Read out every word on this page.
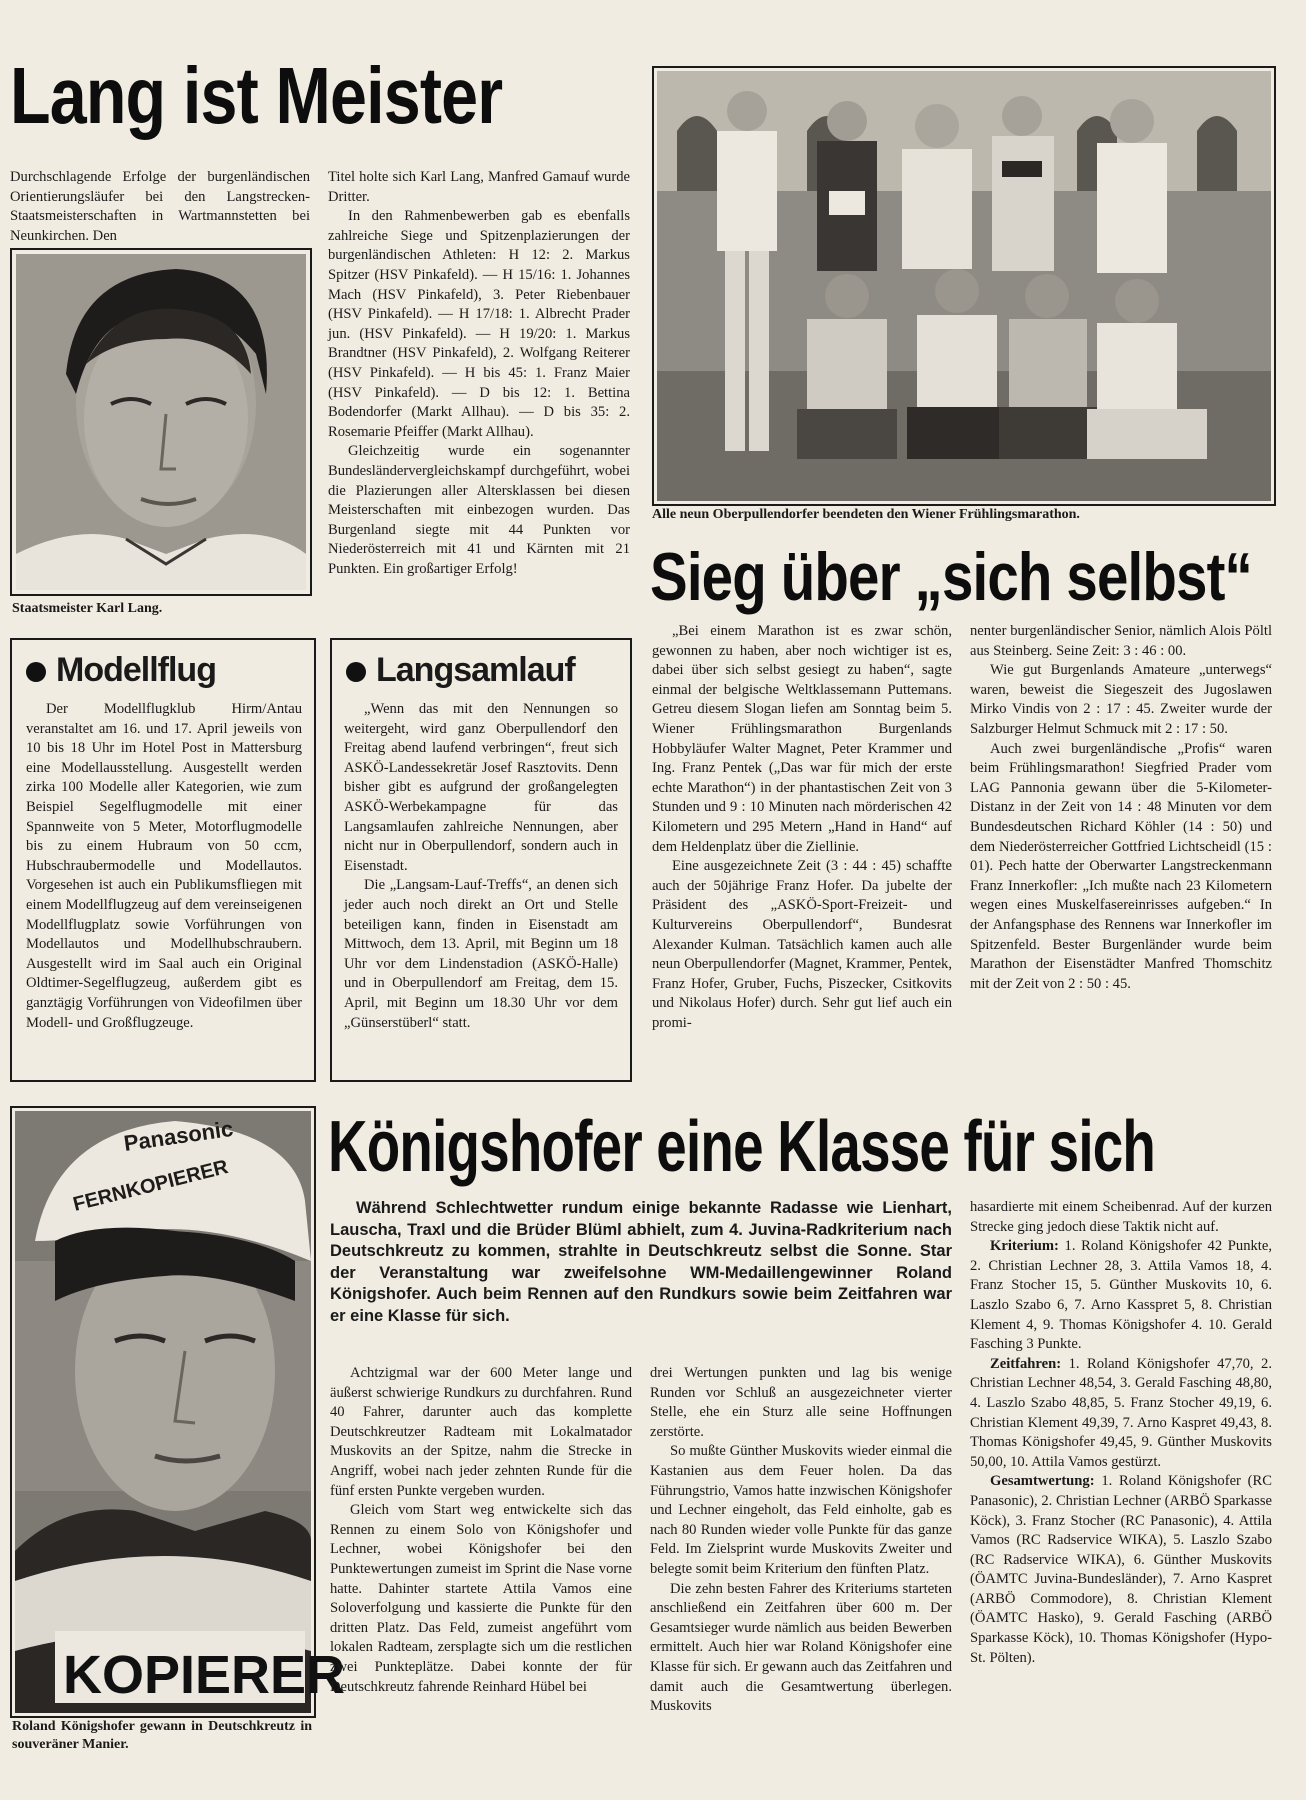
Lang ist Meister

Durchschlagende Erfolge der burgenländischen Orientierungsläufer bei den Langstrecken-Staatsmeisterschaften in Wartmannstetten bei Neunkirchen. Den

Staatsmeister Karl Lang.

Titel holte sich Karl Lang, Manfred Gamauf wurde Dritter.

In den Rahmenbewerben gab es ebenfalls zahlreiche Siege und Spitzenplazierungen der burgenländischen Athleten: H 12: 2. Markus Spitzer (HSV Pinkafeld). — H 15/16: 1. Johannes Mach (HSV Pinkafeld), 3. Peter Riebenbauer (HSV Pinkafeld). — H 17/18: 1. Albrecht Prader jun. (HSV Pinkafeld). — H 19/20: 1. Markus Brandtner (HSV Pinkafeld), 2. Wolfgang Reiterer (HSV Pinkafeld). — H bis 45: 1. Franz Maier (HSV Pinkafeld). — D bis 12: 1. Bettina Bodendorfer (Markt Allhau). — D bis 35: 2. Rosemarie Pfeiffer (Markt Allhau).

Gleichzeitig wurde ein sogenannter Bundesländervergleichskampf durchgeführt, wobei die Plazierungen aller Altersklassen bei diesen Meisterschaften mit einbezogen wurden. Das Burgenland siegte mit 44 Punkten vor Niederösterreich mit 41 und Kärnten mit 21 Punkten. Ein großartiger Erfolg!

Modellflug

Der Modellflugklub Hirm/Antau veranstaltet am 16. und 17. April jeweils von 10 bis 18 Uhr im Hotel Post in Mattersburg eine Modellausstellung. Ausgestellt werden zirka 100 Modelle aller Kategorien, wie zum Beispiel Segelflugmodelle mit einer Spannweite von 5 Meter, Motorflugmodelle bis zu einem Hubraum von 50 ccm, Hubschraubermodelle und Modellautos. Vorgesehen ist auch ein Publikumsfliegen mit einem Modellflugzeug auf dem vereinseigenen Modellflugplatz sowie Vorführungen von Modellautos und Modellhubschraubern. Ausgestellt wird im Saal auch ein Original Oldtimer-Segelflugzeug, außerdem gibt es ganztägig Vorführungen von Videofilmen über Modell- und Großflugzeuge.

Langsamlauf

„Wenn das mit den Nennungen so weitergeht, wird ganz Oberpullendorf den Freitag abend laufend verbringen“, freut sich ASKÖ-Landessekretär Josef Rasztovits. Denn bisher gibt es aufgrund der großangelegten ASKÖ-Werbekampagne für das Langsamlaufen zahlreiche Nennungen, aber nicht nur in Oberpullendorf, sondern auch in Eisenstadt.

Die „Langsam-Lauf-Treffs“, an denen sich jeder auch noch direkt an Ort und Stelle beteiligen kann, finden in Eisenstadt am Mittwoch, dem 13. April, mit Beginn um 18 Uhr vor dem Lindenstadion (ASKÖ-Halle) und in Oberpullendorf am Freitag, dem 15. April, mit Beginn um 18.30 Uhr vor dem „Günserstüberl“ statt.

Alle neun Oberpullendorfer beendeten den Wiener Frühlingsmarathon.
Sieg über „sich selbst“

„Bei einem Marathon ist es zwar schön, gewonnen zu haben, aber noch wichtiger ist es, dabei über sich selbst gesiegt zu haben“, sagte einmal der belgische Weltklassemann Puttemans. Getreu diesem Slogan liefen am Sonntag beim 5. Wiener Frühlingsmarathon Burgenlands Hobbyläufer Walter Magnet, Peter Krammer und Ing. Franz Pentek („Das war für mich der erste echte Marathon“) in der phantastischen Zeit von 3 Stunden und 9 : 10 Minuten nach mörderischen 42 Kilometern und 295 Metern „Hand in Hand“ auf dem Heldenplatz über die Ziellinie.

Eine ausgezeichnete Zeit (3 : 44 : 45) schaffte auch der 50jährige Franz Hofer. Da jubelte der Präsident des „ASKÖ-Sport-Freizeit- und Kulturvereins Oberpullendorf“, Bundesrat Alexander Kulman. Tatsächlich kamen auch alle neun Oberpullendorfer (Magnet, Krammer, Pentek, Franz Hofer, Gruber, Fuchs, Piszecker, Csitkovits und Nikolaus Hofer) durch. Sehr gut lief auch ein promi-

nenter burgenländischer Senior, nämlich Alois Pöltl aus Steinberg. Seine Zeit: 3 : 46 : 00.

Wie gut Burgenlands Amateure „unterwegs“ waren, beweist die Siegeszeit des Jugoslawen Mirko Vindis von 2 : 17 : 45. Zweiter wurde der Salzburger Helmut Schmuck mit 2 : 17 : 50.

Auch zwei burgenländische „Profis“ waren beim Frühlingsmarathon! Siegfried Prader vom LAG Pannonia gewann über die 5-Kilometer-Distanz in der Zeit von 14 : 48 Minuten vor dem Bundesdeutschen Richard Köhler (14 : 50) und dem Niederösterreicher Gottfried Lichtscheidl (15 : 01). Pech hatte der Oberwarter Langstreckenmann Franz Innerkofler: „Ich mußte nach 23 Kilometern wegen eines Muskelfasereinrisses aufgeben.“ In der Anfangsphase des Rennens war Innerkofler im Spitzenfeld. Bester Burgenländer wurde beim Marathon der Eisenstädter Manfred Thomschitz mit der Zeit von 2 : 50 : 45.

Panasonic
FERNKOPIERER
KOPIERER
Roland Königshofer gewann in Deutschkreutz in souveräner Manier.
Königshofer eine Klasse für sich
Während Schlechtwetter rundum einige bekannte Radasse wie Lienhart, Lauscha, Traxl und die Brüder Blüml abhielt, zum 4. Juvina-Radkriterium nach Deutschkreutz zu kommen, strahlte in Deutschkreutz selbst die Sonne. Star der Veranstaltung war zweifelsohne WM-Medaillengewinner Roland Königshofer. Auch beim Rennen auf den Rundkurs sowie beim Zeitfahren war er eine Klasse für sich.

Achtzigmal war der 600 Meter lange und äußerst schwierige Rundkurs zu durchfahren. Rund 40 Fahrer, darunter auch das komplette Deutschkreutzer Radteam mit Lokalmatador Muskovits an der Spitze, nahm die Strecke in Angriff, wobei nach jeder zehnten Runde für die fünf ersten Punkte vergeben wurden.

Gleich vom Start weg entwickelte sich das Rennen zu einem Solo von Königshofer und Lechner, wobei Königshofer bei den Punktewertungen zumeist im Sprint die Nase vorne hatte. Dahinter startete Attila Vamos eine Soloverfolgung und kassierte die Punkte für den dritten Platz. Das Feld, zumeist angeführt vom lokalen Radteam, zersplagte sich um die restlichen zwei Punkteplätze. Dabei konnte der für Deutschkreutz fahrende Reinhard Hübel bei

drei Wertungen punkten und lag bis wenige Runden vor Schluß an ausgezeichneter vierter Stelle, ehe ein Sturz alle seine Hoffnungen zerstörte.

So mußte Günther Muskovits wieder einmal die Kastanien aus dem Feuer holen. Da das Führungstrio, Vamos hatte inzwischen Königshofer und Lechner eingeholt, das Feld einholte, gab es nach 80 Runden wieder volle Punkte für das ganze Feld. Im Zielsprint wurde Muskovits Zweiter und belegte somit beim Kriterium den fünften Platz.

Die zehn besten Fahrer des Kriteriums starteten anschließend ein Zeitfahren über 600 m. Der Gesamtsieger wurde nämlich aus beiden Bewerben ermittelt. Auch hier war Roland Königshofer eine Klasse für sich. Er gewann auch das Zeitfahren und damit auch die Gesamtwertung überlegen. Muskovits

hasardierte mit einem Scheibenrad. Auf der kurzen Strecke ging jedoch diese Taktik nicht auf.

Kriterium: 1. Roland Königshofer 42 Punkte, 2. Christian Lechner 28, 3. Attila Vamos 18, 4. Franz Stocher 15, 5. Günther Muskovits 10, 6. Laszlo Szabo 6, 7. Arno Kasspret 5, 8. Christian Klement 4, 9. Thomas Königshofer 4. 10. Gerald Fasching 3 Punkte.

Zeitfahren: 1. Roland Königshofer 47,70, 2. Christian Lechner 48,54, 3. Gerald Fasching 48,80, 4. Laszlo Szabo 48,85, 5. Franz Stocher 49,19, 6. Christian Klement 49,39, 7. Arno Kaspret 49,43, 8. Thomas Königshofer 49,45, 9. Günther Muskovits 50,00, 10. Attila Vamos gestürzt.

Gesamtwertung: 1. Roland Königshofer (RC Panasonic), 2. Christian Lechner (ARBÖ Sparkasse Köck), 3. Franz Stocher (RC Panasonic), 4. Attila Vamos (RC Radservice WIKA), 5. Laszlo Szabo (RC Radservice WIKA), 6. Günther Muskovits (ÖAMTC Juvina-Bundesländer), 7. Arno Kaspret (ARBÖ Commodore), 8. Christian Klement (ÖAMTC Hasko), 9. Gerald Fasching (ARBÖ Sparkasse Köck), 10. Thomas Königshofer (Hypo-St. Pölten).
